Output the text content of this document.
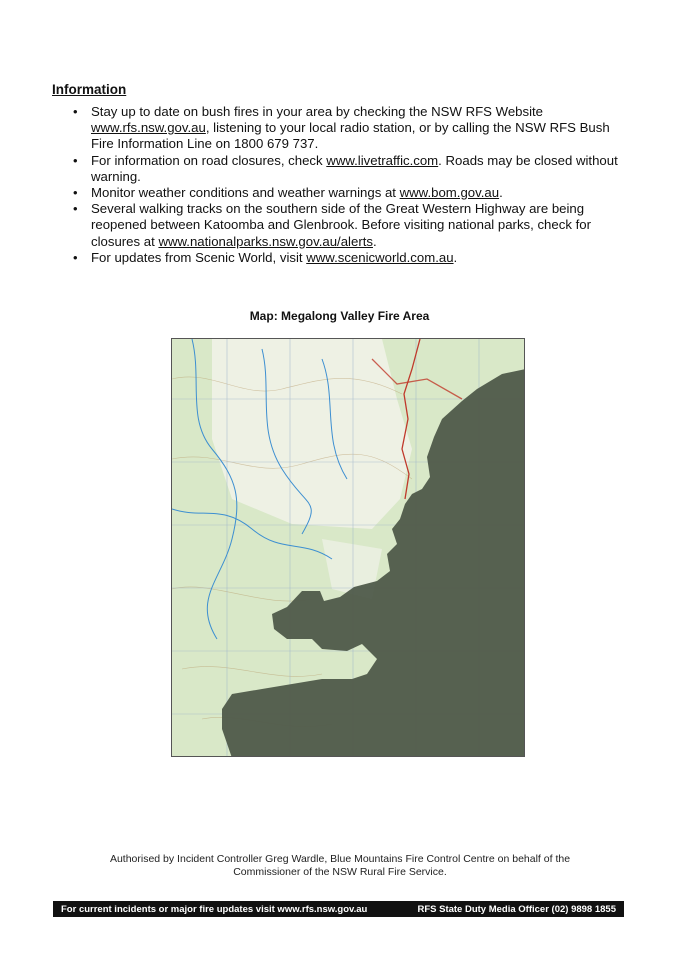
Information
• Stay up to date on bush fires in your area by checking the NSW RFS Website www.rfs.nsw.gov.au, listening to your local radio station, or by calling the NSW RFS Bush Fire Information Line on 1800 679 737.
• For information on road closures, check www.livetraffic.com. Roads may be closed without warning.
• Monitor weather conditions and weather warnings at www.bom.gov.au.
• Several walking tracks on the southern side of the Great Western Highway are being reopened between Katoomba and Glenbrook. Before visiting national parks, check for closures at www.nationalparks.nsw.gov.au/alerts.
• For updates from Scenic World, visit www.scenicworld.com.au.
Map: Megalong Valley Fire Area

Authorised by Incident Controller Greg Wardle, Blue Mountains Fire Control Centre on behalf of the
Commissioner of the NSW Rural Fire Service.

For current incidents or major fire updates visit www.rfs.nsw.gov.au	RFS State Duty Media Officer (02) 9898 1855
